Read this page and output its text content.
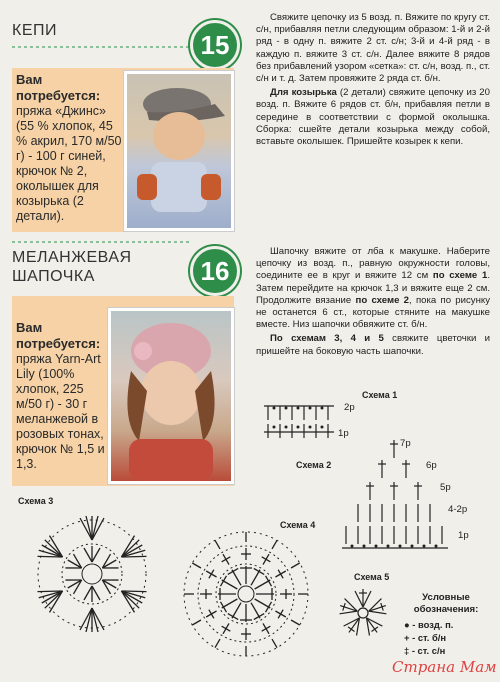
КЕПИ	15
Вам потребуется: пряжа «Джинс» (55 % хлопок, 45 % акрил, 170 м/50 г) - 100 г синей, крючок № 2, околышек для козырька (2 детали).

Свяжите цепочку из 5 возд. п. Вяжите по кругу ст. с/н, прибавляя петли следующим образом: 1-й и 2-й ряд - в одну п. вяжите 2 ст. с/н; 3-й и 4-й ряд - в каждую п. вяжите 3 ст. с/н. Далее вяжите 8 рядов без прибавлений узором «сетка»: ст. с/н, возд. п., ст. с/н и т. д. Затем провяжите 2 ряда ст. б/н.

Для козырька (2 детали) свяжите цепочку из 20 возд. п. Вяжите 6 рядов ст. б/н, прибавляя петли в середине в соответствии с формой околышка. Сборка: сшейте детали козырька между собой, вставьте околышек. Пришейте козырек к кепи.

МЕЛАНЖЕВАЯ
ШАПОЧКА	16
Вам потребуется: пряжа Yarn-Art Lily (100% хлопок, 225 м/50 г) - 30 г меланжевой в розовых тонах, крючок № 1,5 и 1,3.

Шапочку вяжите от лба к макушке. Наберите цепочку из возд. п., равную окружности головы, соедините ее в круг и вяжите 12 см по схеме 1. Затем перейдите на крючок 1,3 и вяжите еще 2 см. Продолжите вязание по схеме 2, пока по рисунку не останется 6 ст., которые стяните на макушке вместе. Низ шапочки обвяжите ст. б/н.

По схемам 3, 4 и 5 свяжите цветочки и пришейте на боковую часть шапочки.

Схема 1
2р
1р
Схема 2
7р
6р
5р
4-2р
1р
Схема 3
Схема 4
Схема 5
Условные
обозначения:
● - возд. п.
+ - ст. б/н
‡ - ст. с/н
Страна Мам
